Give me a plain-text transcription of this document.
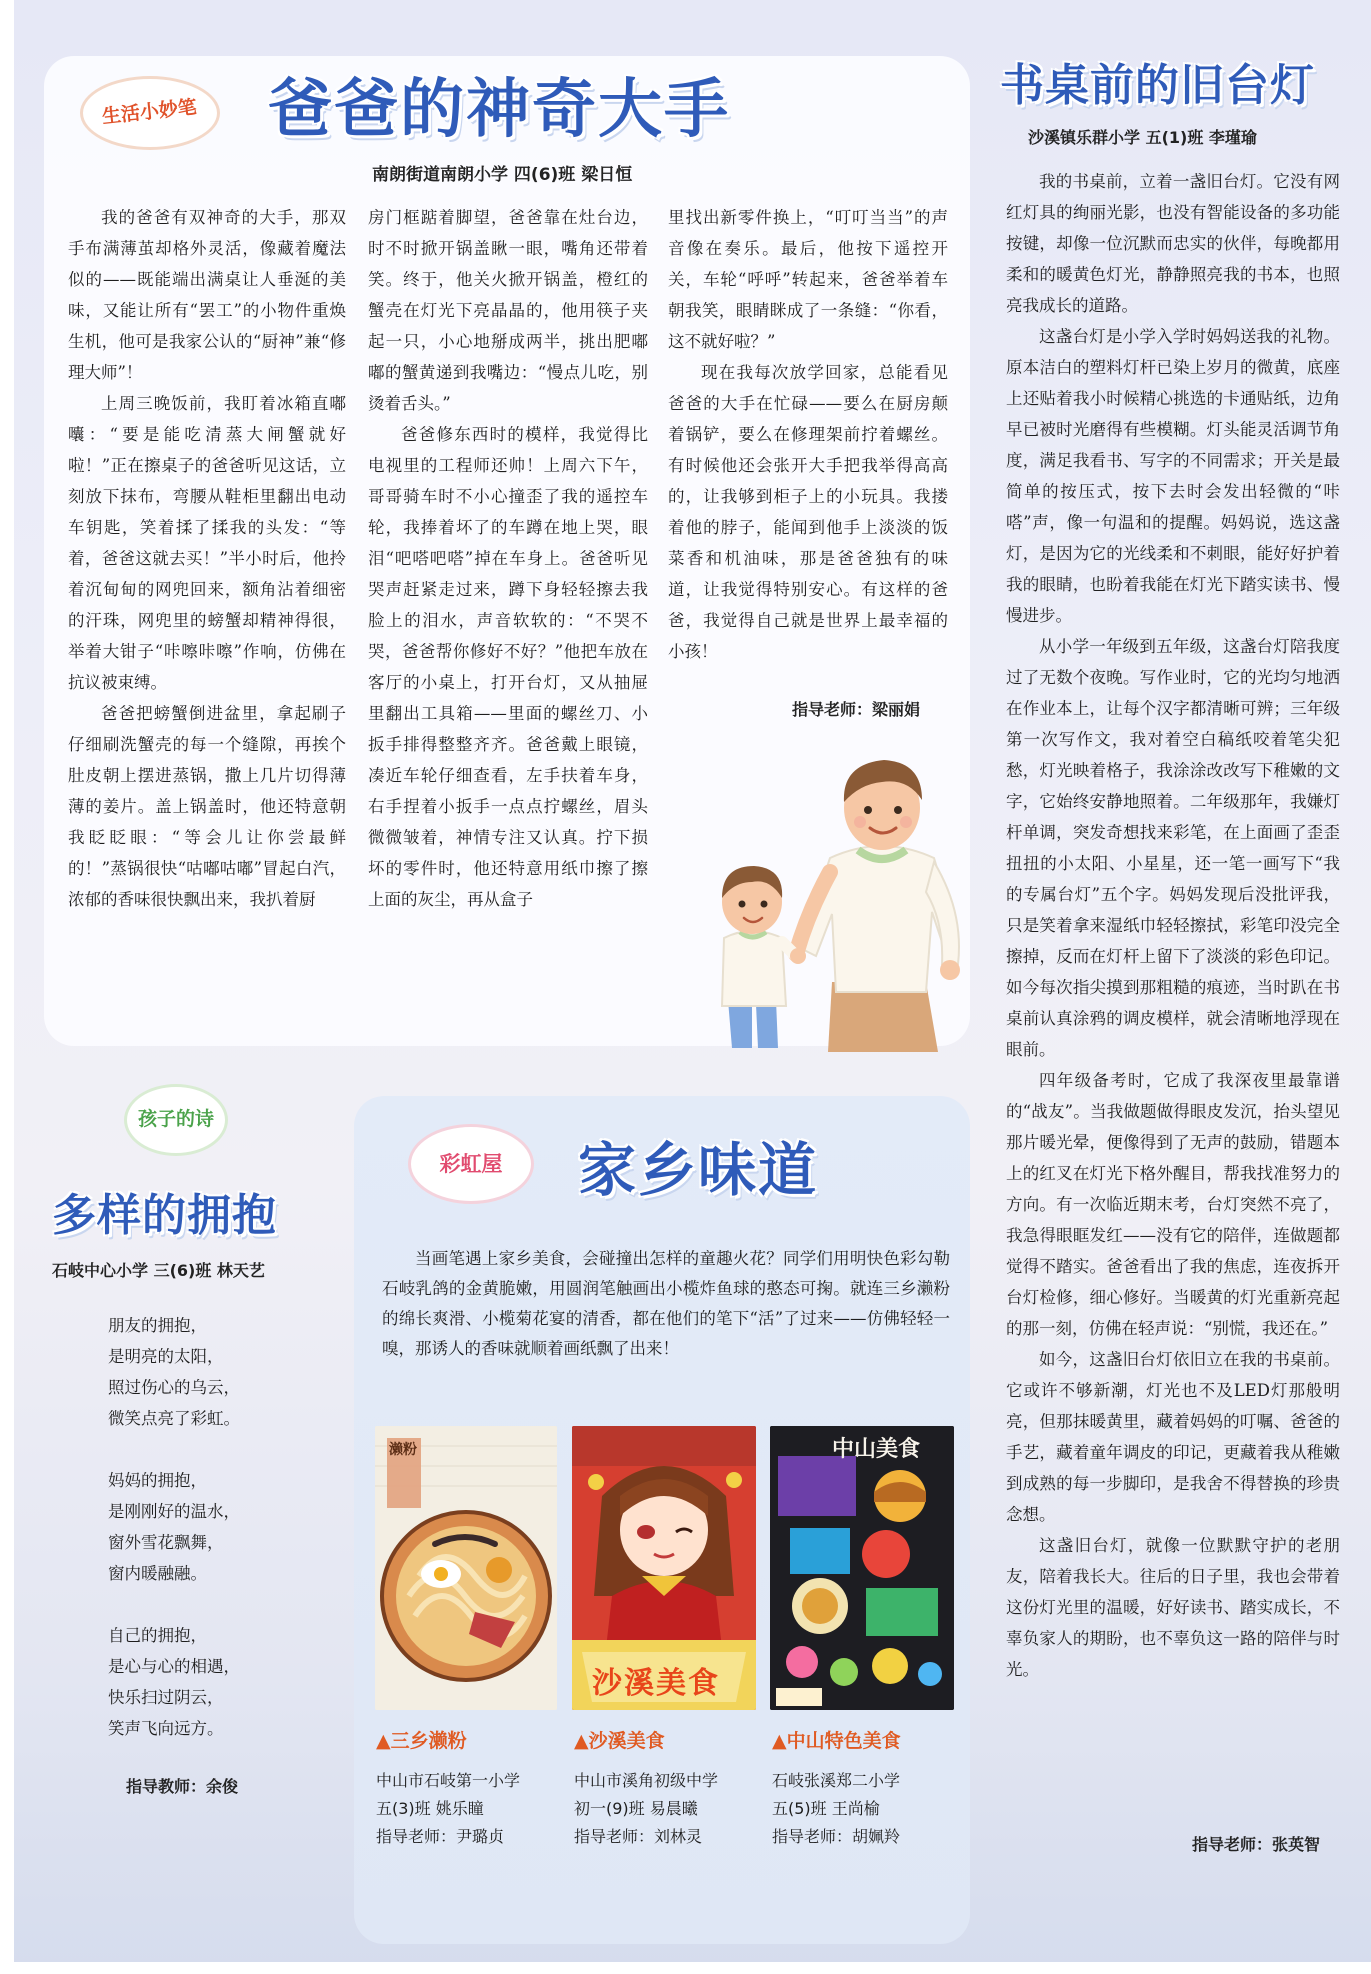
生活小妙笔 爸爸的神奇大手
南朗街道南朗小学 四(6)班 梁日恒

我的爸爸有双神奇的大手，那双手布满薄茧却格外灵活，像藏着魔法似的——既能端出满桌让人垂涎的美味，又能让所有“罢工”的小物件重焕生机，他可是我家公认的“厨神”兼“修理大师”！

上周三晚饭前，我盯着冰箱直嘟囔：“要是能吃清蒸大闸蟹就好啦！”正在擦桌子的爸爸听见这话，立刻放下抹布，弯腰从鞋柜里翻出电动车钥匙，笑着揉了揉我的头发：“等着，爸爸这就去买！”半小时后，他拎着沉甸甸的网兜回来，额角沾着细密的汗珠，网兜里的螃蟹却精神得很，举着大钳子“咔嚓咔嚓”作响，仿佛在抗议被束缚。

爸爸把螃蟹倒进盆里，拿起刷子仔细刷洗蟹壳的每一个缝隙，再挨个肚皮朝上摆进蒸锅，撒上几片切得薄薄的姜片。盖上锅盖时，他还特意朝我眨眨眼：“等会儿让你尝最鲜的！”蒸锅很快“咕嘟咕嘟”冒起白汽，浓郁的香味很快飘出来，我扒着厨

房门框踮着脚望，爸爸靠在灶台边，时不时掀开锅盖瞅一眼，嘴角还带着笑。终于，他关火掀开锅盖，橙红的蟹壳在灯光下亮晶晶的，他用筷子夹起一只，小心地掰成两半，挑出肥嘟嘟的蟹黄递到我嘴边：“慢点儿吃，别烫着舌头。”

爸爸修东西时的模样，我觉得比电视里的工程师还帅！上周六下午，哥哥骑车时不小心撞歪了我的遥控车轮，我捧着坏了的车蹲在地上哭，眼泪“吧嗒吧嗒”掉在车身上。爸爸听见哭声赶紧走过来，蹲下身轻轻擦去我脸上的泪水，声音软软的：“不哭不哭，爸爸帮你修好不好？”他把车放在客厅的小桌上，打开台灯，又从抽屉里翻出工具箱——里面的螺丝刀、小扳手排得整整齐齐。爸爸戴上眼镜，凑近车轮仔细查看，左手扶着车身，右手捏着小扳手一点点拧螺丝，眉头微微皱着，神情专注又认真。拧下损坏的零件时，他还特意用纸巾擦了擦上面的灰尘，再从盒子

里找出新零件换上，“叮叮当当”的声音像在奏乐。最后，他按下遥控开关，车轮“呼呼”转起来，爸爸举着车朝我笑，眼睛眯成了一条缝：“你看，这不就好啦？”

现在我每次放学回家，总能看见爸爸的大手在忙碌——要么在厨房颠着锅铲，要么在修理架前拧着螺丝。有时候他还会张开大手把我举得高高的，让我够到柜子上的小玩具。我搂着他的脖子，能闻到他手上淡淡的饭菜香和机油味，那是爸爸独有的味道，让我觉得特别安心。有这样的爸爸，我觉得自己就是世界上最幸福的小孩！

指导老师：梁丽娟
书桌前的旧台灯
沙溪镇乐群小学 五(1)班 李瑾瑜

我的书桌前，立着一盏旧台灯。它没有网红灯具的绚丽光影，也没有智能设备的多功能按键，却像一位沉默而忠实的伙伴，每晚都用柔和的暖黄色灯光，静静照亮我的书本，也照亮我成长的道路。

这盏台灯是小学入学时妈妈送我的礼物。原本洁白的塑料灯杆已染上岁月的微黄，底座上还贴着我小时候精心挑选的卡通贴纸，边角早已被时光磨得有些模糊。灯头能灵活调节角度，满足我看书、写字的不同需求；开关是最简单的按压式，按下去时会发出轻微的“咔嗒”声，像一句温和的提醒。妈妈说，选这盏灯，是因为它的光线柔和不刺眼，能好好护着我的眼睛，也盼着我能在灯光下踏实读书、慢慢进步。

从小学一年级到五年级，这盏台灯陪我度过了无数个夜晚。写作业时，它的光均匀地洒在作业本上，让每个汉字都清晰可辨；三年级第一次写作文，我对着空白稿纸咬着笔尖犯愁，灯光映着格子，我涂涂改改写下稚嫩的文字，它始终安静地照着。二年级那年，我嫌灯杆单调，突发奇想找来彩笔，在上面画了歪歪扭扭的小太阳、小星星，还一笔一画写下“我的专属台灯”五个字。妈妈发现后没批评我，只是笑着拿来湿纸巾轻轻擦拭，彩笔印没完全擦掉，反而在灯杆上留下了淡淡的彩色印记。如今每次指尖摸到那粗糙的痕迹，当时趴在书桌前认真涂鸦的调皮模样，就会清晰地浮现在眼前。

四年级备考时，它成了我深夜里最靠谱的“战友”。当我做题做得眼皮发沉，抬头望见那片暖光晕，便像得到了无声的鼓励，错题本上的红叉在灯光下格外醒目，帮我找准努力的方向。有一次临近期末考，台灯突然不亮了，我急得眼眶发红——没有它的陪伴，连做题都觉得不踏实。爸爸看出了我的焦虑，连夜拆开台灯检修，细心修好。当暖黄的灯光重新亮起的那一刻，仿佛在轻声说：“别慌，我还在。”

如今，这盏旧台灯依旧立在我的书桌前。它或许不够新潮，灯光也不及LED灯那般明亮，但那抹暖黄里，藏着妈妈的叮嘱、爸爸的手艺，藏着童年调皮的印记，更藏着我从稚嫩到成熟的每一步脚印，是我舍不得替换的珍贵念想。

这盏旧台灯，就像一位默默守护的老朋友，陪着我长大。往后的日子里，我也会带着这份灯光里的温暖，好好读书、踏实成长，不辜负家人的期盼，也不辜负这一路的陪伴与时光。

指导老师：张英智
孩子的诗
多样的拥抱
石岐中心小学 三(6)班 林天艺
朋友的拥抱，
是明亮的太阳，
照过伤心的乌云，
微笑点亮了彩虹。
妈妈的拥抱，
是刚刚好的温水，
窗外雪花飘舞，
窗内暖融融。
自己的拥抱，
是心与心的相遇，
快乐扫过阴云，
笑声飞向远方。
指导教师：余俊
彩虹屋 家乡味道

当画笔遇上家乡美食，会碰撞出怎样的童趣火花？同学们用明快色彩勾勒石岐乳鸽的金黄脆嫩，用圆润笔触画出小榄炸鱼球的憨态可掬。就连三乡濑粉的绵长爽滑、小榄菊花宴的清香，都在他们的笔下“活”了过来——仿佛轻轻一嗅，那诱人的香味就顺着画纸飘了出来！

濑粉
沙溪美食
中山美食
▲三乡濑粉
中山市石岐第一小学
五(3)班 姚乐瞳
指导老师：尹璐贞
▲沙溪美食
中山市溪角初级中学
初一(9)班 易晨曦
指导老师：刘林灵
▲中山特色美食
石岐张溪郑二小学
五(5)班 王尚榆
指导老师：胡姵羚
